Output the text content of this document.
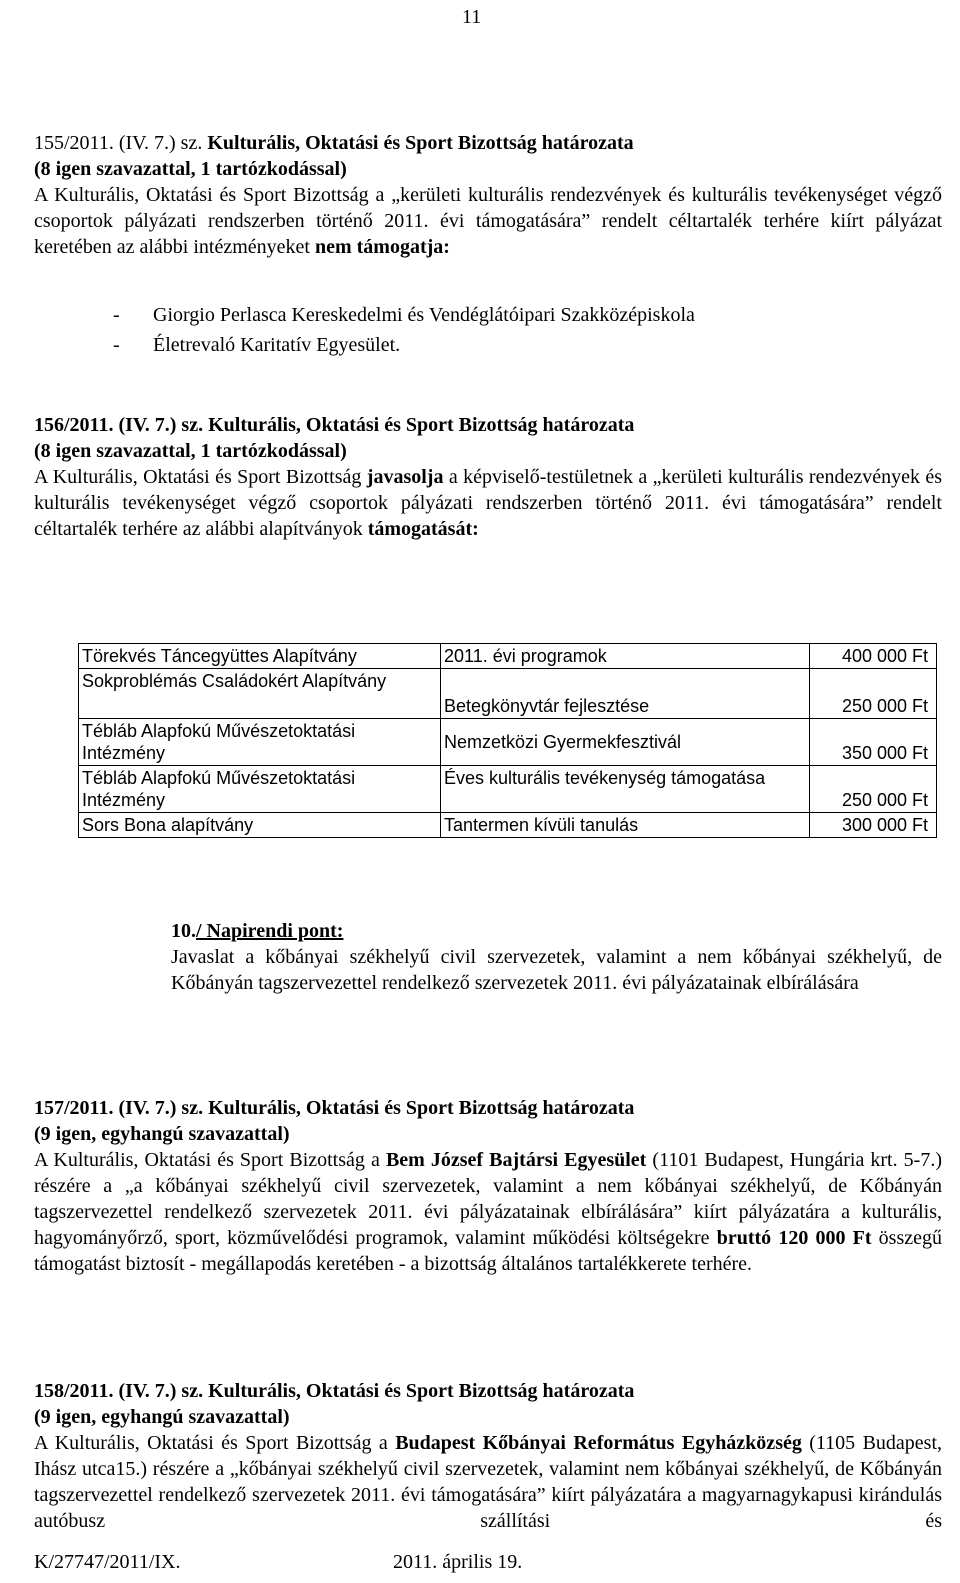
11
155/2011. (IV. 7.) sz. Kulturális, Oktatási és Sport Bizottság határozata
(8 igen szavazattal, 1 tartózkodással)
A Kulturális, Oktatási és Sport Bizottság a „kerületi kulturális rendezvények és kulturális tevékenységet végző csoportok pályázati rendszerben történő 2011. évi támogatására” rendelt céltartalék terhére kiírt pályázat keretében az alábbi intézményeket nem támogatja:
- Giorgio Perlasca Kereskedelmi és Vendéglátóipari Szakközépiskola
- Életrevaló Karitatív Egyesület.
156/2011. (IV. 7.) sz. Kulturális, Oktatási és Sport Bizottság határozata
(8 igen szavazattal, 1 tartózkodással)
A Kulturális, Oktatási és Sport Bizottság javasolja a képviselő-testületnek a „kerületi kulturális rendezvények és kulturális tevékenységet végző csoportok pályázati rendszerben történő 2011. évi támogatására” rendelt céltartalék terhére az alábbi alapítványok támogatását:
Törekvés Táncegyüttes Alapítvány	2011. évi programok	400 000 Ft
Sokproblémás Családokért Alapítvány	Betegkönyvtár fejlesztése	250 000 Ft
Tébláb Alapfokú Művészetoktatási Intézmény	Nemzetközi Gyermekfesztivál	350 000 Ft
Tébláb Alapfokú Művészetoktatási Intézmény	Éves kulturális tevékenység támogatása	250 000 Ft
Sors Bona alapítvány	Tantermen kívüli tanulás	300 000 Ft
10./ Napirendi pont:
Javaslat a kőbányai székhelyű civil szervezetek, valamint a nem kőbányai székhelyű, de Kőbányán tagszervezettel rendelkező szervezetek 2011. évi pályázatainak elbírálására
157/2011. (IV. 7.) sz. Kulturális, Oktatási és Sport Bizottság határozata
(9 igen, egyhangú szavazattal)
A Kulturális, Oktatási és Sport Bizottság a Bem József Bajtársi Egyesület (1101 Budapest, Hungária krt. 5-7.) részére a „a kőbányai székhelyű civil szervezetek, valamint a nem kőbányai székhelyű, de Kőbányán tagszervezettel rendelkező szervezetek 2011. évi pályázatainak elbírálására” kiírt pályázatára a kulturális, hagyományőrző, sport, közművelődési programok, valamint működési költségekre bruttó 120 000 Ft összegű támogatást biztosít - megállapodás keretében - a bizottság általános tartalékkerete terhére.
158/2011. (IV. 7.) sz. Kulturális, Oktatási és Sport Bizottság határozata
(9 igen, egyhangú szavazattal)
A Kulturális, Oktatási és Sport Bizottság a Budapest Kőbányai Református Egyházközség (1105 Budapest, Ihász utca15.) részére a „kőbányai székhelyű civil szervezetek, valamint nem kőbányai székhelyű, de Kőbányán tagszervezettel rendelkező szervezetek 2011. évi támogatására” kiírt pályázatára a magyarnagykapusi kirándulás autóbusz szállítási és
K/27747/2011/IX.	2011. április 19.
